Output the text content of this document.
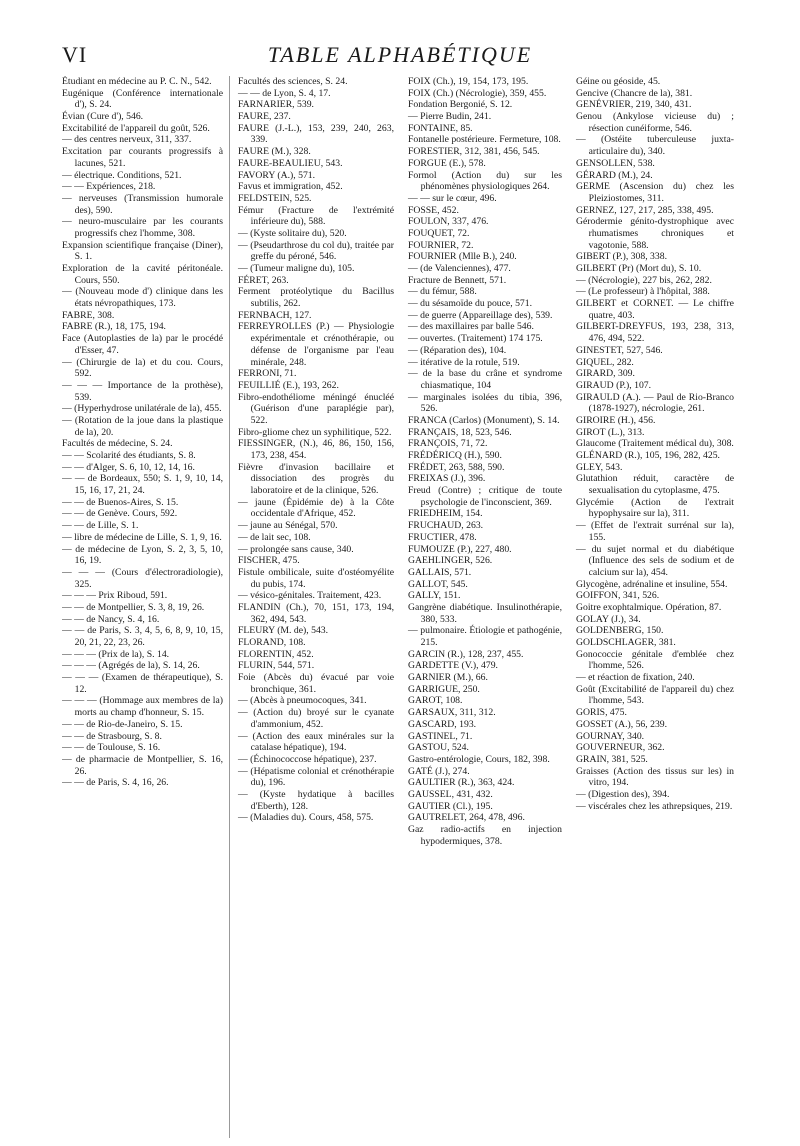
VI	TABLE ALPHABÉTIQUE
Étudiant en médecine au P. C. N., 542.
Eugénique (Conférence internationale d'), S. 24.
Évian (Cure d'), 546.
Excitabilité de l'appareil du goût, 526.
— des centres nerveux, 311, 337.
Excitation par courants progressifs à lacunes, 521.
— électrique. Conditions, 521.
— — Expériences, 218.
— nerveuses (Transmission humorale des), 590.
— neuro-musculaire par les courants progressifs chez l'homme, 308.
Expansion scientifique française (Diner), S. 1.
Exploration de la cavité péritonéale. Cours, 550.
— (Nouveau mode d') clinique dans les états névropathiques, 173.
FABRE, 308.
FABRE (R.), 18, 175, 194.
Face (Autoplasties de la) par le procédé d'Esser, 47.
— (Chirurgie de la) et du cou. Cours, 592.
— — — Importance de la prothèse), 539.
— (Hyperhydrose unilatérale de la), 455.
— (Rotation de la joue dans la plastique de la), 20.
Facultés de médecine, S. 24.
— — Scolarité des étudiants, S. 8.
— — d'Alger, S. 6, 10, 12, 14, 16.
— — de Bordeaux, 550; S. 1, 9, 10, 14, 15, 16, 17, 21, 24.
— — de Buenos-Aires, S. 15.
— — de Genève. Cours, 592.
— — de Lille, S. 1.
— libre de médecine de Lille, S. 1, 9, 16.
— de médecine de Lyon, S. 2, 3, 5, 10, 16, 19.
— — — (Cours d'électroradiologie), 325.
— — — Prix Riboud, 591.
— — de Montpellier, S. 3, 8, 19, 26.
— — de Nancy, S. 4, 16.
— — de Paris, S. 3, 4, 5, 6, 8, 9, 10, 15, 20, 21, 22, 23, 26.
— — — (Prix de la), S. 14.
— — — (Agrégés de la), S. 14, 26.
— — — (Examen de thérapeutique), S. 12.
— — — (Hommage aux membres de la) morts au champ d'honneur, S. 15.
— — de Rio-de-Janeiro, S. 15.
— — de Strasbourg, S. 8.
— — de Toulouse, S. 16.
— de pharmacie de Montpellier, S. 16, 26.
— — de Paris, S. 4, 16, 26.
Facultés des sciences, S. 24.
— — de Lyon, S. 4, 17.
FARNARIER, 539.
FAURE, 237.
FAURE (J.-L.), 153, 239, 240, 263, 339.
FAURE (M.), 328.
FAURE-BEAULIEU, 543.
FAVORY (A.), 571.
Favus et immigration, 452.
FELDSTEIN, 525.
Fémur (Fracture de l'extrémité inférieure du), 588.
— (Kyste solitaire du), 520.
— (Pseudarthrose du col du), traitée par greffe du péroné, 546.
— (Tumeur maligne du), 105.
FÉRET, 263.
Ferment protéolytique du Bacillus subtilis, 262.
FERNBACH, 127.
FERREYROLLES (P.) — Physiologie expérimentale et crénothérapie, ou défense de l'organisme par l'eau minérale, 248.
FERRONI, 71.
FEUILLIÉ (E.), 193, 262.
Fibro-endothéliome méningé énucléé (Guérison d'une paraplégie par), 522.
Fibro-gliome chez un syphilitique, 522.
FIESSINGER, (N.), 46, 86, 150, 156, 173, 238, 454.
Fièvre d'invasion bacillaire et dissociation des progrès du laboratoire et de la clinique, 526.
— jaune (Épidémie de) à la Côte occidentale d'Afrique, 452.
— jaune au Sénégal, 570.
— de lait sec, 108.
— prolongée sans cause, 340.
FISCHER, 475.
Fistule ombilicale, suite d'ostéomyélite du pubis, 174.
— vésico-génitales. Traitement, 423.
FLANDIN (Ch.), 70, 151, 173, 194, 362, 494, 543.
FLEURY (M. de), 543.
FLORAND, 108.
FLORENTIN, 452.
FLURIN, 544, 571.
Foie (Abcès du) évacué par voie bronchique, 361.
— (Abcès à pneumocoques, 341.
— (Action du) broyé sur le cyanate d'ammonium, 452.
— (Action des eaux minérales sur la catalase hépatique), 194.
— (Échinococcose hépatique), 237.
— (Hépatisme colonial et crénothérapie du), 196.
— (Kyste hydatique à bacilles d'Eberth), 128.
— (Maladies du). Cours, 458, 575.
FOIX (Ch.), 19, 154, 173, 195.
FOIX (Ch.) (Nécrologie), 359, 455.
Fondation Bergonié, S. 12.
— Pierre Budin, 241.
FONTAINE, 85.
Fontanelle postérieure. Fermeture, 108.
FORESTIER, 312, 381, 456, 545.
FORGUE (E.), 578.
Formol (Action du) sur les phénomènes physiologiques 264.
— — sur le cœur, 496.
FOSSE, 452.
FOULON, 337, 476.
FOUQUET, 72.
FOURNIER, 72.
FOURNIER (Mlle B.), 240.
— (de Valenciennes), 477.
Fracture de Bennett, 571.
— du fémur, 588.
— du sésamoïde du pouce, 571.
— de guerre (Appareillage des), 539.
— des maxillaires par balle 546.
— ouvertes. (Traitement) 174 175.
— (Réparation des), 104.
— itérative de la rotule, 519.
— de la base du crâne et syndrome chiasmatique, 104
— marginales isolées du tibia, 396, 526.
FRANCA (Carlos) (Monument), S. 14.
FRANÇAIS, 18, 523, 546.
FRANÇOIS, 71, 72.
FRÉDÉRICQ (H.), 590.
FRÉDET, 263, 588, 590.
FREIXAS (J.), 396.
Freud (Contre) ; critique de toute psychologie de l'inconscient, 369.
FRIEDHEIM, 154.
FRUCHAUD, 263.
FRUCTIER, 478.
FUMOUZE (P.), 227, 480.
GAEHLINGER, 526.
GALLAIS, 571.
GALLOT, 545.
GALLY, 151.
Gangrène diabétique. Insulinothérapie, 380, 533.
— pulmonaire. Étiologie et pathogénie, 215.
GARCIN (R.), 128, 237, 455.
GARDETTE (V.), 479.
GARNIER (M.), 66.
GARRIGUE, 250.
GAROT, 108.
GARSAUX, 311, 312.
GASCARD, 193.
GASTINEL, 71.
GASTOU, 524.
Gastro-entérologie, Cours, 182, 398.
GATÉ (J.), 274.
GAULTIER (R.), 363, 424.
GAUSSEL, 431, 432.
GAUTIER (Cl.), 195.
GAUTRELET, 264, 478, 496.
Gaz radio-actifs en injection hypodermiques, 378.
Géine ou géoside, 45.
Gencive (Chancre de la), 381.
GENÉVRIER, 219, 340, 431.
Genou (Ankylose vicieuse du) ; résection cunéiforme, 546.
— (Ostéite tuberculeuse juxta-articulaire du), 340.
GENSOLLEN, 538.
GÉRARD (M.), 24.
GERME (Ascension du) chez les Pleiziostomes, 311.
GERNEZ, 127, 217, 285, 338, 495.
Gérodermie génito-dystrophique avec rhumatismes chroniques et vagotonie, 588.
GIBERT (P.), 308, 338.
GILBERT (Pr) (Mort du), S. 10.
— (Nécrologie), 227 bis, 262, 282.
— (Le professeur) à l'hôpital, 388.
GILBERT et CORNET. — Le chiffre quatre, 403.
GILBERT-DREYFUS, 193, 238, 313, 476, 494, 522.
GINESTET, 527, 546.
GIQUEL, 282.
GIRARD, 309.
GIRAUD (P.), 107.
GIRAULD (A.). — Paul de Rio-Branco (1878-1927), nécrologie, 261.
GIROIRE (H.), 456.
GIROT (L.), 313.
Glaucome (Traitement médical du), 308.
GLÉNARD (R.), 105, 196, 282, 425.
GLEY, 543.
Glutathion réduit, caractère de sexualisation du cytoplasme, 475.
Glycémie (Action de l'extrait hypophysaire sur la), 311.
— (Effet de l'extrait surrénal sur la), 155.
— du sujet normal et du diabétique (Influence des sels de sodium et de calcium sur la), 454.
Glycogène, adrénaline et insuline, 554.
GOIFFON, 341, 526.
Goitre exophtalmique. Opération, 87.
GOLAY (J.), 34.
GOLDENBERG, 150.
GOLDSCHLAGER, 381.
Gonococcie génitale d'emblée chez l'homme, 526.
— et réaction de fixation, 240.
Goût (Excitabilité de l'appareil du) chez l'homme, 543.
GORIS, 475.
GOSSET (A.), 56, 239.
GOURNAY, 340.
GOUVERNEUR, 362.
GRAIN, 381, 525.
Graisses (Action des tissus sur les) in vitro, 194.
— (Digestion des), 394.
— viscérales chez les athrepsiques, 219.
